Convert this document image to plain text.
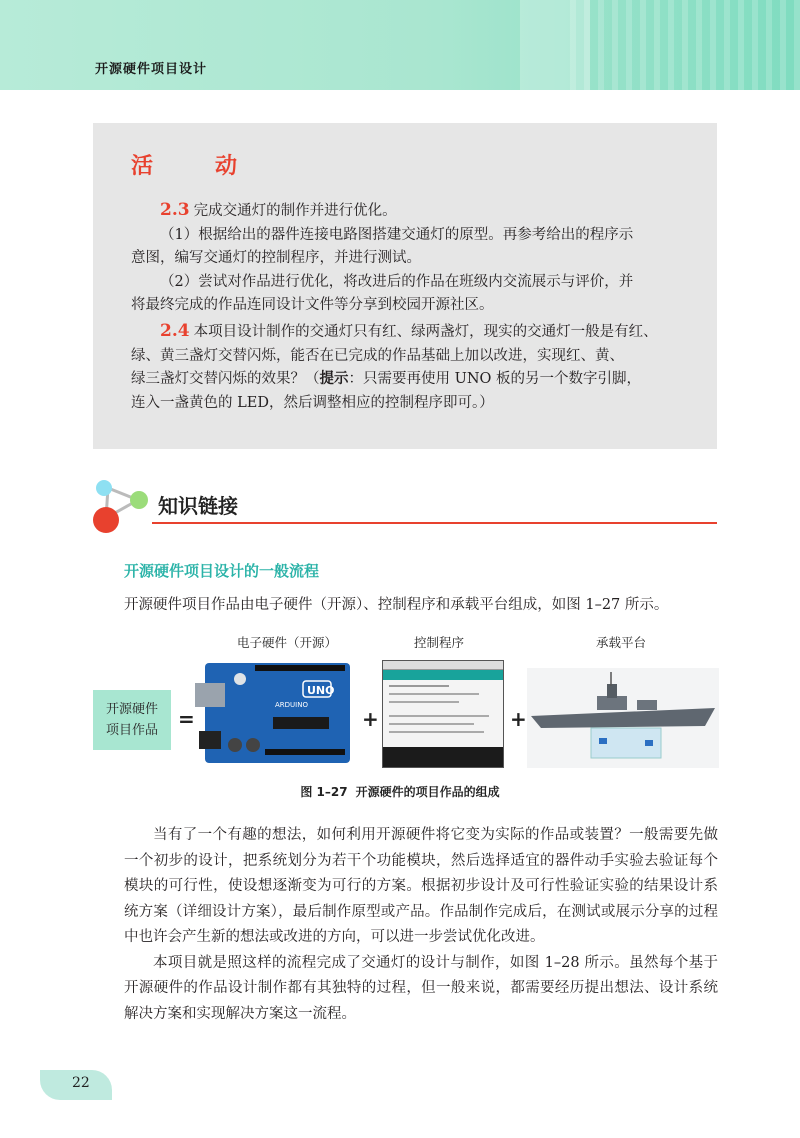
开源硬件项目设计
活　动

2.3 完成交通灯的制作并进行优化。

（1）根据给出的器件连接电路图搭建交通灯的原型。再参考给出的程序示

意图，编写交通灯的控制程序，并进行测试。

（2）尝试对作品进行优化，将改进后的作品在班级内交流展示与评价，并

将最终完成的作品连同设计文件等分享到校园开源社区。

2.4 本项目设计制作的交通灯只有红、绿两盏灯，现实的交通灯一般是有红、

绿、黄三盏灯交替闪烁，能否在已完成的作品基础上加以改进，实现红、黄、

绿三盏灯交替闪烁的效果？（提示：只需要再使用 UNO 板的另一个数字引脚，

连入一盏黄色的 LED，然后调整相应的控制程序即可。）

知识链接
开源硬件项目设计的一般流程
开源硬件项目作品由电子硬件（开源）、控制程序和承载平台组成，如图 1–27 所示。
电子硬件（开源）	控制程序	承载平台
开源硬件
项目作品	=	+	+
UNO
ARDUINO
图 1–27 开源硬件的项目作品的组成

当有了一个有趣的想法，如何利用开源硬件将它变为实际的作品或装置？一般需要先做一个初步的设计，把系统划分为若干个功能模块，然后选择适宜的器件动手实验去验证每个模块的可行性，使设想逐渐变为可行的方案。根据初步设计及可行性验证实验的结果设计系统方案（详细设计方案），最后制作原型或产品。作品制作完成后，在测试或展示分享的过程中也许会产生新的想法或改进的方向，可以进一步尝试优化改进。

本项目就是照这样的流程完成了交通灯的设计与制作，如图 1–28 所示。虽然每个基于开源硬件的作品设计制作都有其独特的过程，但一般来说，都需要经历提出想法、设计系统解决方案和实现解决方案这一流程。

22
